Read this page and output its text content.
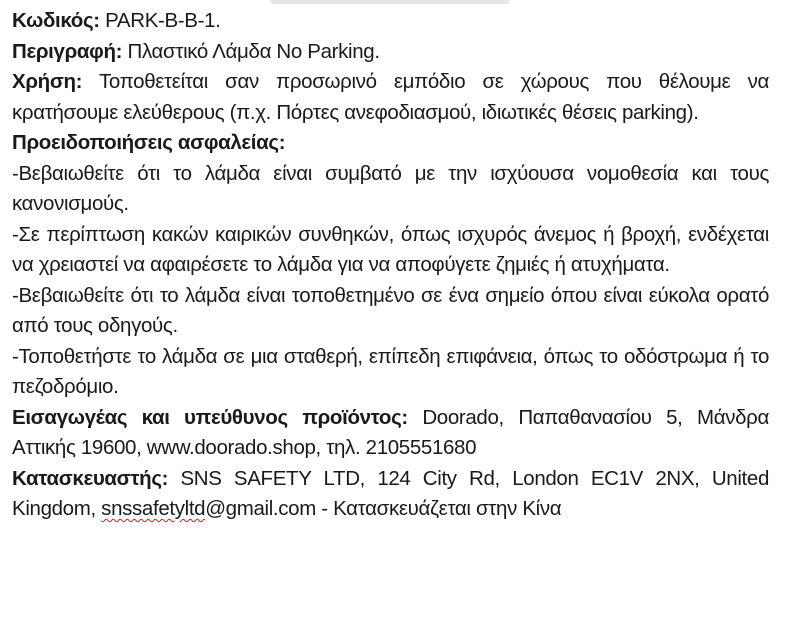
Κωδικός: PARK-B-B-1.

Περιγραφή: Πλαστικό Λάμδα No Parking.

Χρήση: Τοποθετείται σαν προσωρινό εμπόδιο σε χώρους που θέλουμε να κρατήσουμε ελεύθερους (π.χ. Πόρτες ανεφοδιασμού, ιδιωτικές θέσεις parking).

Προειδοποιήσεις ασφαλείας:

-Βεβαιωθείτε ότι το λάμδα είναι συμβατό με την ισχύουσα νομοθεσία και τους κανονισμούς.

-Σε περίπτωση κακών καιρικών συνθηκών, όπως ισχυρός άνεμος ή βροχή, ενδέχεται να χρειαστεί να αφαιρέσετε το λάμδα για να αποφύγετε ζημιές ή ατυχήματα.

-Βεβαιωθείτε ότι το λάμδα είναι τοποθετημένο σε ένα σημείο όπου είναι εύκολα ορατό από τους οδηγούς.

-Τοποθετήστε το λάμδα σε μια σταθερή, επίπεδη επιφάνεια, όπως το οδόστρωμα ή το πεζοδρόμιο.

Εισαγωγέας και υπεύθυνος προϊόντος: Doorado, Παπαθανασίου 5, Μάνδρα Αττικής 19600, www.doorado.shop, τηλ. 2105551680

Κατασκευαστής: SNS SAFETY LTD, 124 City Rd, London EC1V 2NX, United Kingdom, snssafetyltd@gmail.com - Κατασκευάζεται στην Κίνα
